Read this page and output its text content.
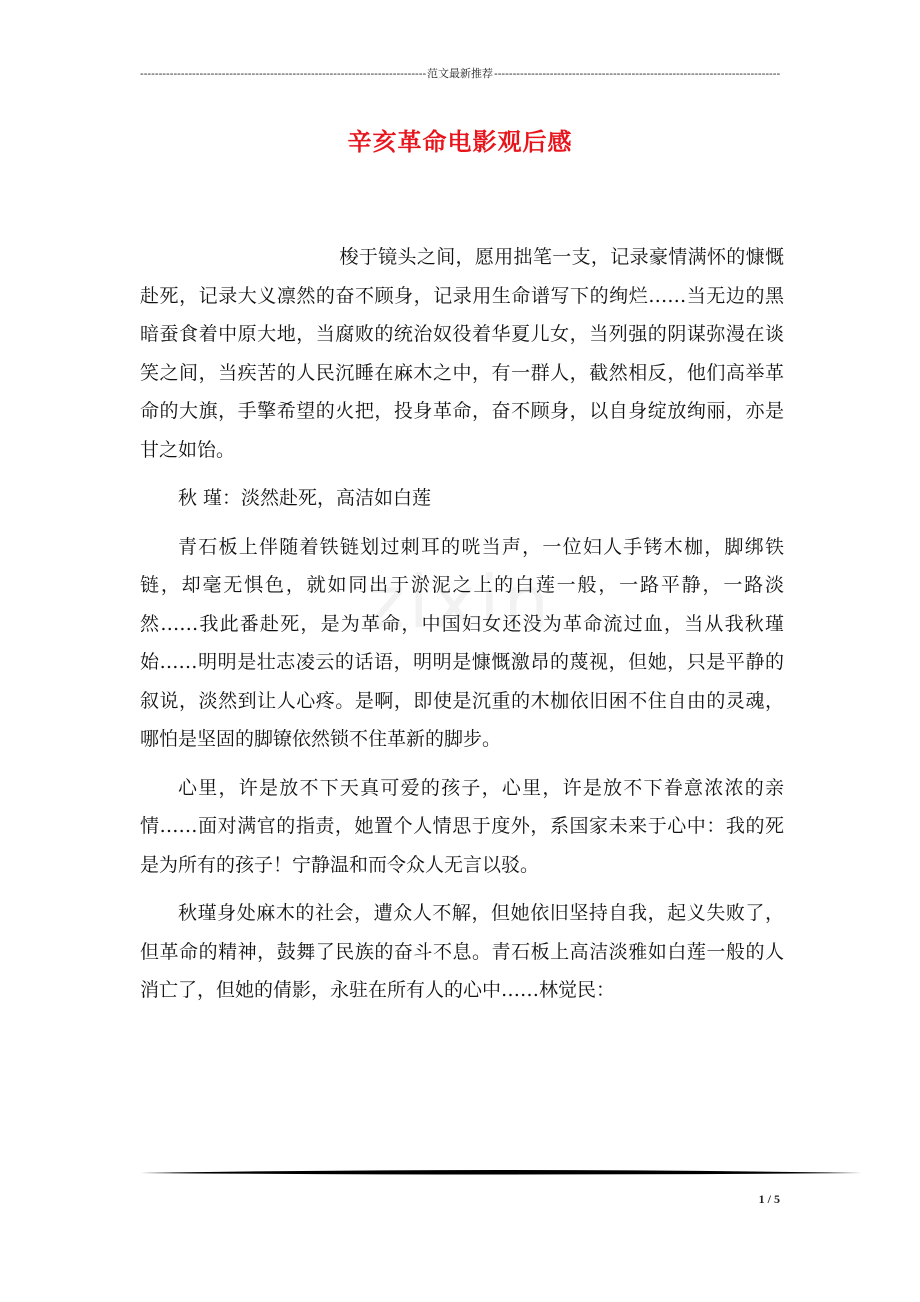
-----
范文最新推荐
-----
辛亥革命电影观后感
zixin

梭于镜头之间，愿用拙笔一支，记录豪情满怀的慷慨赴死，记录大义凛然的奋不顾身，记录用生命谱写下的绚烂……当无边的黑暗蚕食着中原大地，当腐败的统治奴役着华夏儿女，当列强的阴谋弥漫在谈笑之间，当疾苦的人民沉睡在麻木之中，有一群人，截然相反，他们高举革命的大旗，手擎希望的火把，投身革命，奋不顾身，以自身绽放绚丽，亦是甘之如饴。

秋 瑾：淡然赴死，高洁如白莲

青石板上伴随着铁链划过刺耳的咣当声，一位妇人手铐木枷，脚绑铁链，却毫无惧色，就如同出于淤泥之上的白莲一般，一路平静，一路淡然……我此番赴死，是为革命，中国妇女还没为革命流过血，当从我秋瑾始……明明是壮志凌云的话语，明明是慷慨激昂的蔑视，但她，只是平静的叙说，淡然到让人心疼。是啊，即使是沉重的木枷依旧困不住自由的灵魂，哪怕是坚固的脚镣依然锁不住革新的脚步。

心里，许是放不下天真可爱的孩子，心里，许是放不下眷意浓浓的亲情……面对满官的指责，她置个人情思于度外，系国家未来于心中：我的死是为所有的孩子！宁静温和而令众人无言以驳。

秋瑾身处麻木的社会，遭众人不解，但她依旧坚持自我，起义失败了，但革命的精神，鼓舞了民族的奋斗不息。青石板上高洁淡雅如白莲一般的人消亡了，但她的倩影，永驻在所有人的心中……林觉民：

1 / 5
